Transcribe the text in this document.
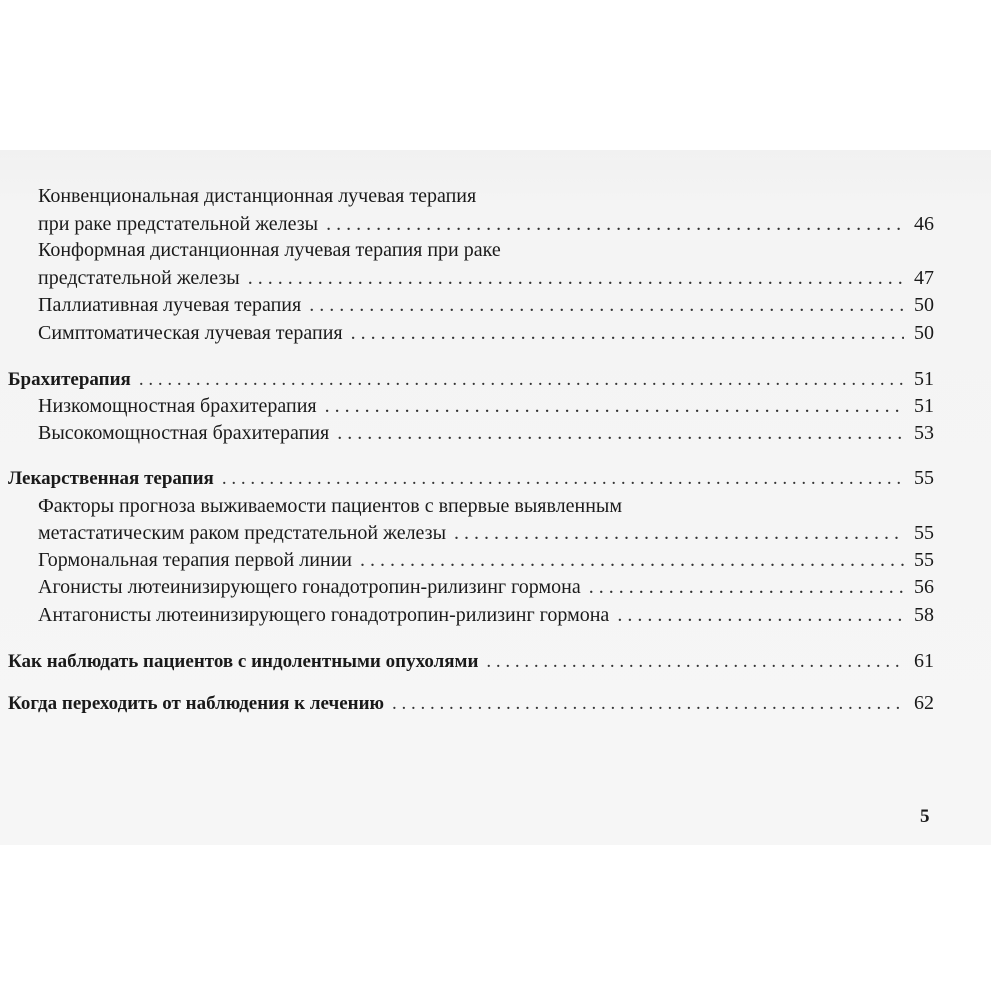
Конвенциональная дистанционная лучевая терапия
при раке предстательной железы . . .	46
Конформная дистанционная лучевая терапия при раке
предстательной железы . . .	47
Паллиативная лучевая терапия . . .	50
Симптоматическая лучевая терапия . . .	50
Брахитерапия . . .	51
Низкомощностная брахитерапия . . .	51
Высокомощностная брахитерапия . . .	53
Лекарственная терапия . . .	55
Факторы прогноза выживаемости пациентов с впервые выявленным
метастатическим раком предстательной железы . . .	55
Гормональная терапия первой линии . . .	55
Агонисты лютеинизирующего гонадотропин-рилизинг гормона . . .	56
Антагонисты лютеинизирующего гонадотропин-рилизинг гормона . . .	58
Как наблюдать пациентов с индолентными опухолями . . .	61
Когда переходить от наблюдения к лечению . . .	62
5
